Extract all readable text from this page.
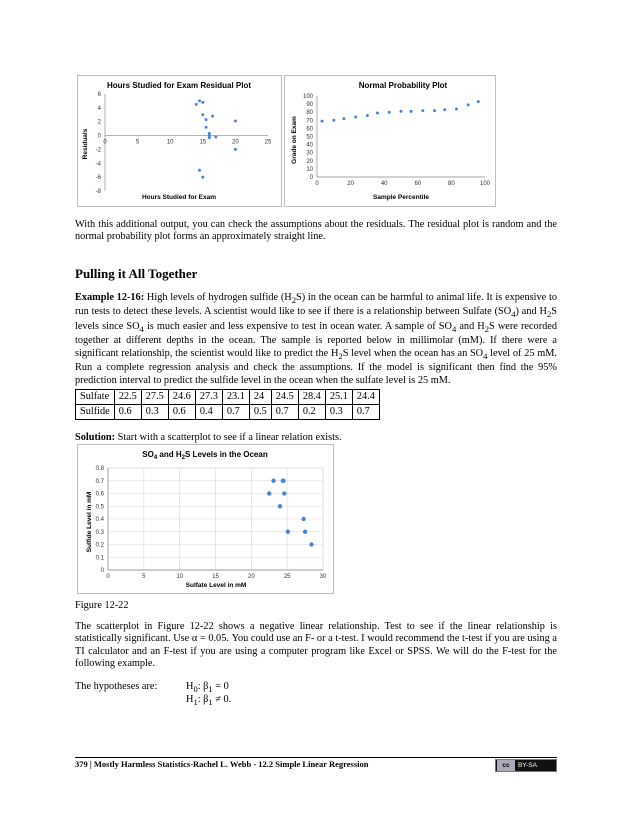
Hours Studied for Exam Residual Plot
Hours Studied for Exam
Residuals 0	5	10	15	20	25
-8
-6
-4
-2
0
2
4
6
Normal Probability Plot
Sample Percentile
Grade on Exam
0	20	40	60	80	100
0
10
20
30
40
50
60
70
80
90
100

With this additional output, you can check the assumptions about the residuals. The residual plot is random and the normal probability plot forms an approximately straight line.

Pulling it All Together

Example 12-16: High levels of hydrogen sulfide $(H_2S)$ in the ocean can be harmful to animal life. It is expensive to run tests to detect these levels. A scientist would like to see if there is a relationship between Sulfate $(SO_4)$ and $H_2S$ levels since $SO_4$ is much easier and less expensive to test in ocean water. A sample of $SO_4$ and $H_2S$ were recorded together at different depths in the ocean. The sample is reported below in millimolar (mM). If there were a significant relationship, the scientist would like to predict the $H_2S$ level when the ocean has an $SO_4$ level of 25 mM. Run a complete regression analysis and check the assumptions. If the model is significant then find the 95% prediction interval to predict the sulfide level in the ocean when the sulfate level is 25 mM.

Sulfate	22.5	27.5	24.6	27.3	23.1	24	24.5	28.4	25.1	24.4
Sulfide	0.6	0.3	0.6	0.4	0.7	0.5	0.7	0.2	0.3	0.7

Solution: Start with a scatterplot to see if a linear relation exists.

$SO_4$ and $H_2S$ Levels in the Ocean
Sulfate Level in mM
Sulfide Level in mM
0	5	10	15	20	25	30
0
0.1
0.2
0.3
0.4
0.5
0.6
0.7
0.8
Figure 12-22

The scatterplot in Figure 12-22 shows a negative linear relationship. Test to see if the linear relationship is statistically significant. Use α = 0.05. You could use an F- or a t-test. I would recommend the t-test if you are using a TI calculator and an F-test if you are using a computer program like Excel or SPSS. We will do the F-test for the following example.

The hypotheses are:	$H_0$: $\beta_1 = 0$
$H_1$: $\beta_1 \ne 0$.
379 | Mostly Harmless Statistics-Rachel L. Webb - 12.2 Simple Linear Regression	cc	BY-SA
